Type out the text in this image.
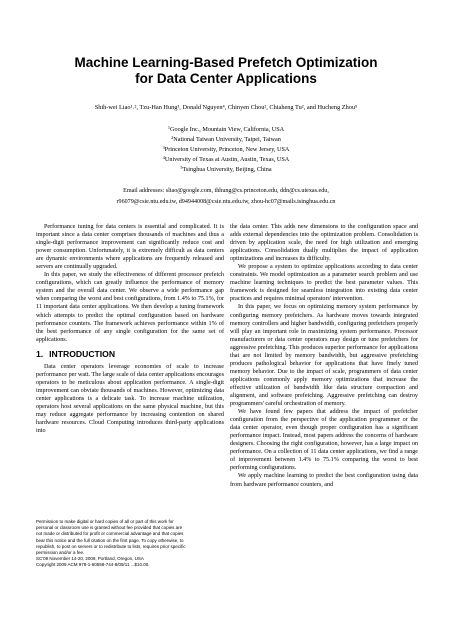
Machine Learning-Based Prefetch Optimization
for Data Center Applications
Shih-wei Liao¹˒², Tzu-Han Hung³, Donald Nguyen⁴, Chinyen Chou², Chiaheng Tu², and Hucheng Zhou⁵
$^1$Google Inc., Mountain View, California, USA
$^2$National Taiwan University, Taipei, Taiwan
$^3$Princeton University, Princeton, New Jersey, USA
$^4$University of Texas at Austin, Austin, Texas, USA
$^5$Tsinghua University, Beijing, China
Email addresses: sliao@google.com, thhung@cs.princeton.edu, ddn@cs.utexas.edu,
r96079@csie.ntu.edu.tw, d94944008@csie.ntu.edu.tw, zhou-hc07@mails.tsinghua.edu.cn

Performance tuning for data centers is essential and complicated. It is important since a data center comprises thousands of machines and thus a single-digit performance improvement can significantly reduce cost and power consumption. Unfortunately, it is extremely difficult as data centers are dynamic environments where applications are frequently released and servers are continually upgraded.

In this paper, we study the effectiveness of different processor prefetch configurations, which can greatly influence the performance of memory system and the overall data center. We observe a wide performance gap when comparing the worst and best configurations, from 1.4% to 75.1%, for 11 important data center applications. We then develop a tuning framework which attempts to predict the optimal configuration based on hardware performance counters. The framework achieves performance within 1% of the best performance of any single configuration for the same set of applications.

1. INTRODUCTION

Data center operators leverage economies of scale to increase performance per watt. The large scale of data center applications encourages operators to be meticulous about application performance. A single-digit improvement can obviate thousands of machines. However, optimizing data center applications is a delicate task. To increase machine utilization, operators host several applications on the same physical machine, but this may reduce aggregate performance by increasing contention on shared hardware resources. Cloud Computing introduces third-party applications into

Permission to make digital or hard copies of all or part of this work for
personal or classroom use is granted without fee provided that copies are
not made or distributed for profit or commercial advantage and that copies
bear this notice and the full citation on the first page. To copy otherwise, to
republish, to post on servers or to redistribute to lists, requires prior specific
permission and/or a fee.
SC'09 November 14-20, 2009, Portland, Oregon, USA
Copyright 2009 ACM 978-1-60558-744-8/09/11 ...$10.00.

the data center. This adds new dimensions to the configuration space and adds external dependencies into the optimization problem. Consolidation is driven by application scale, the need for high utilization and emerging applications. Consolidation dually multiplies the impact of application optimizations and increases its difficulty.

We propose a system to optimize applications according to data center constraints. We model optimization as a parameter search problem and use machine learning techniques to predict the best parameter values. This framework is designed for seamless integration into existing data center practices and requires minimal operators' intervention.

In this paper, we focus on optimizing memory system performance by configuring memory prefetchers. As hardware moves towards integrated memory controllers and higher bandwidth, configuring prefetchers properly will play an important role in maximizing system performance. Processor manufacturers or data center operators may design or tune prefetchers for aggressive prefetching. This produces superior performance for applications that are not limited by memory bandwidth, but aggressive prefetching produces pathological behavior for applications that have finely tuned memory behavior. Due to the impact of scale, programmers of data center applications commonly apply memory optimizations that increase the effective utilization of bandwidth like data structure compaction and alignment, and software prefetching. Aggressive prefetching can destroy programmers' careful orchestration of memory.

We have found few papers that address the impact of prefetcher configuration from the perspective of the application programmer or the data center operator, even though proper configuration has a significant performance impact. Instead, most papers address the concerns of hardware designers. Choosing the right configuration, however, has a large impact on performance. On a collection of 11 data center applications, we find a range of improvement between 1.4% to 75.1% comparing the worst to best performing configurations.

We apply machine learning to predict the best configuration using data from hardware performance counters, and
